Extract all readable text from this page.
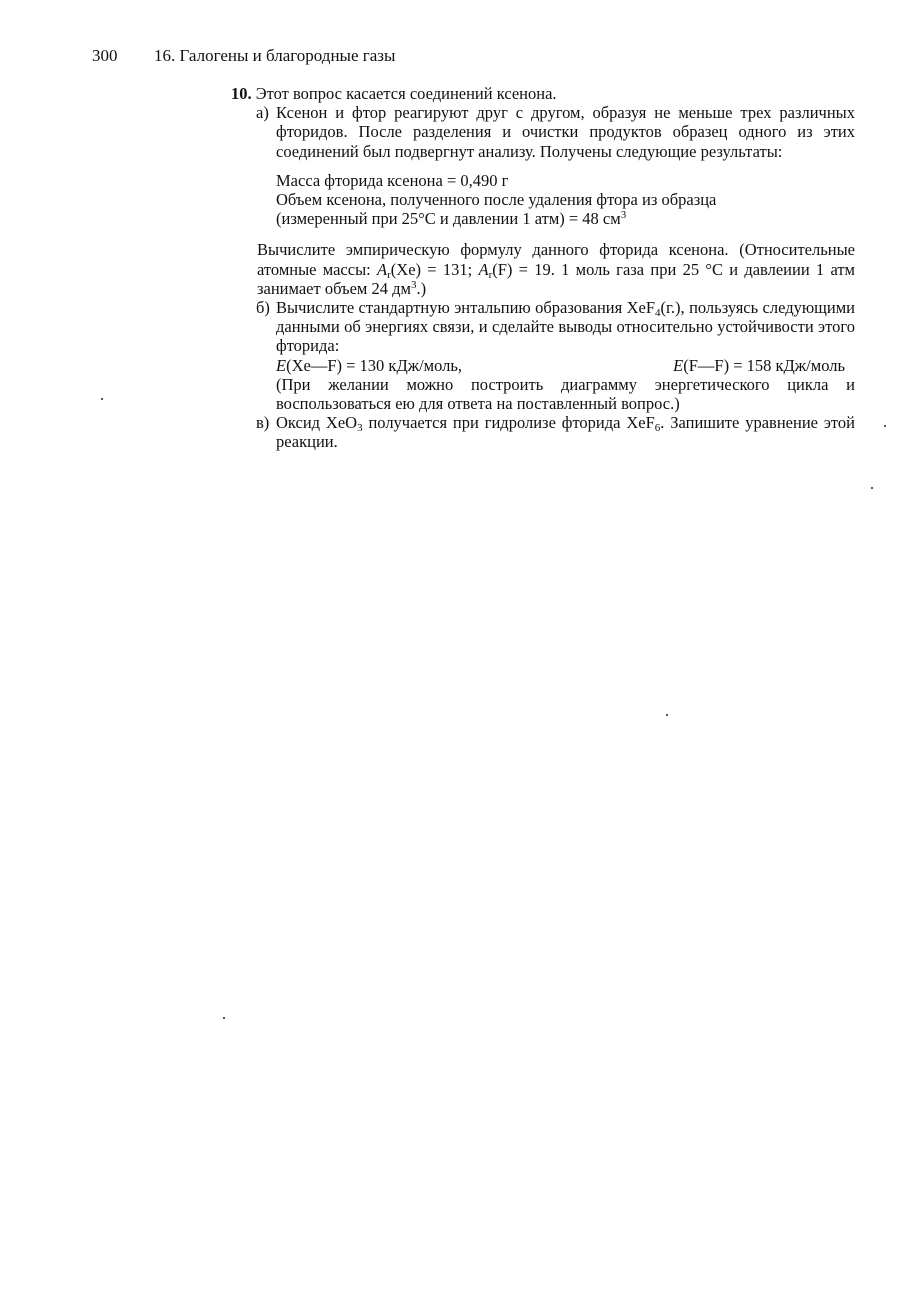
300 16. Галогены и благородные газы

10. Этот вопрос касается соединений ксенона.

а) Ксенон и фтор реагируют друг с другом, образуя не меньше трех различных фторидов. После разделения и очистки продуктов образец одного из этих соединений был подвергнут анализу. Получены следующие результаты:

Масса фторида ксенона = 0,490 г

Объем ксенона, полученного после удаления фтора из образца

(измеренный при 25°С и давлении 1 атм) = 48 $см^3$

Вычислите эмпирическую формулу данного фторида ксенона. (Относительные атомные массы: $A_r(Xe) = 131$; $A_r(F) = 19$. 1 моль газа при 25 °С и давлеиии 1 атм занимает объем 24 $дм^3$.)
б) Вычислите стандартную энтальпию образования XeF$_4$(г.), пользуясь следующими данными об энергиях связи, и сделайте выводы относительно устойчивости этого фторида:
E(Xe—F) = 130 кДж/моль,	E(F—F) = 158 кДж/моль
(При желании можно построить диаграмму энергетического цикла и воспользоваться ею для ответа на поставленный вопрос.)
в) Оксид XeO$_3$ получается при гидролизе фторида XeF$_6$. Запишите уравнение этой реакции.
